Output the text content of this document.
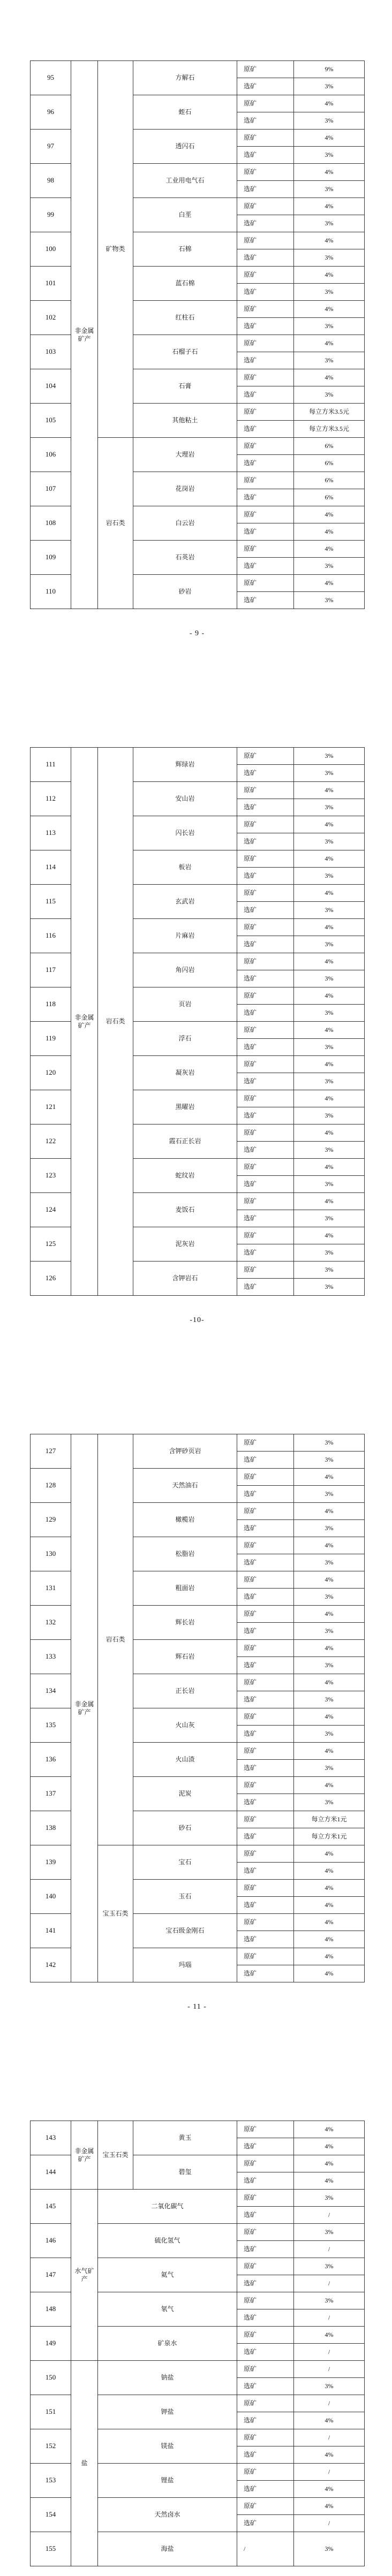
95	非金属矿产	矿物类	方解石	原矿	9%
				选矿	3%
96			蛭石	原矿	4%
				选矿	3%
97			透闪石	原矿	4%
				选矿	3%
98			工业用电气石	原矿	4%
				选矿	3%
99			白垩	原矿	4%
				选矿	3%
100			石棉	原矿	4%
				选矿	3%
101			蓝石棉	原矿	4%
				选矿	3%
102			红柱石	原矿	4%
				选矿	3%
103			石榴子石	原矿	4%
				选矿	3%
104			石膏	原矿	4%
				选矿	3%
105			其他粘土	原矿	每立方米3.5元
				选矿	每立方米3.5元
106		岩石类	大理岩	原矿	6%
				选矿	6%
107			花岗岩	原矿	6%
				选矿	6%
108			白云岩	原矿	4%
				选矿	4%
109			石英岩	原矿	4%
				选矿	3%
110			砂岩	原矿	4%
				选矿	3%
- 9 -
111	非金属矿产	岩石类	辉绿岩	原矿	3%
				选矿	3%
112			安山岩	原矿	4%
				选矿	3%
113			闪长岩	原矿	4%
				选矿	3%
114			板岩	原矿	4%
				选矿	3%
115			玄武岩	原矿	4%
				选矿	3%
116			片麻岩	原矿	4%
				选矿	3%
117			角闪岩	原矿	4%
				选矿	3%
118			页岩	原矿	4%
				选矿	3%
119			浮石	原矿	4%
				选矿	3%
120			凝灰岩	原矿	4%
				选矿	3%
121			黑曜岩	原矿	4%
				选矿	3%
122			霞石正长岩	原矿	4%
				选矿	3%
123			蛇纹岩	原矿	4%
				选矿	3%
124			麦饭石	原矿	4%
				选矿	3%
125			泥灰岩	原矿	4%
				选矿	3%
126			含钾岩石	原矿	3%
				选矿	3%
-10-
127	非金属矿产	岩石类	含钾砂页岩	原矿	3%
				选矿	3%
128			天然油石	原矿	4%
				选矿	3%
129			橄榄岩	原矿	4%
				选矿	3%
130			松脂岩	原矿	4%
				选矿	3%
131			粗面岩	原矿	4%
				选矿	3%
132			辉长岩	原矿	4%
				选矿	3%
133			辉石岩	原矿	4%
				选矿	3%
134			正长岩	原矿	4%
				选矿	3%
135			火山灰	原矿	4%
				选矿	3%
136			火山渣	原矿	4%
				选矿	3%
137			泥炭	原矿	4%
				选矿	3%
138			砂石	原矿	每立方米1元
				选矿	每立方米1元
139		宝玉石类	宝石	原矿	4%
				选矿	4%
140			玉石	原矿	4%
				选矿	4%
141			宝石级金刚石	原矿	4%
				选矿	4%
142			玛瑙	原矿	4%
				选矿	4%
- 11 -
143	非金属矿产	宝玉石类	黄玉	原矿	4%
				选矿	4%
144			碧玺	原矿	4%
				选矿	4%
145	水气矿产	二氧化碳气		原矿	3%
				选矿	/
146		硫化氢气		原矿	3%
				选矿	/
147		氦气		原矿	3%
				选矿	/
148		氡气		原矿	3%
				选矿	/
149		矿泉水		原矿	4%
				选矿	/
150	盐	钠盐		原矿	/
				选矿	3%
151		钾盐		原矿	/
				选矿	4%
152		镁盐		原矿	/
				选矿	4%
153		锂盐		原矿	/
				选矿	4%
154		天然卤水		原矿	4%
				选矿	/
155		海盐		/	3%
